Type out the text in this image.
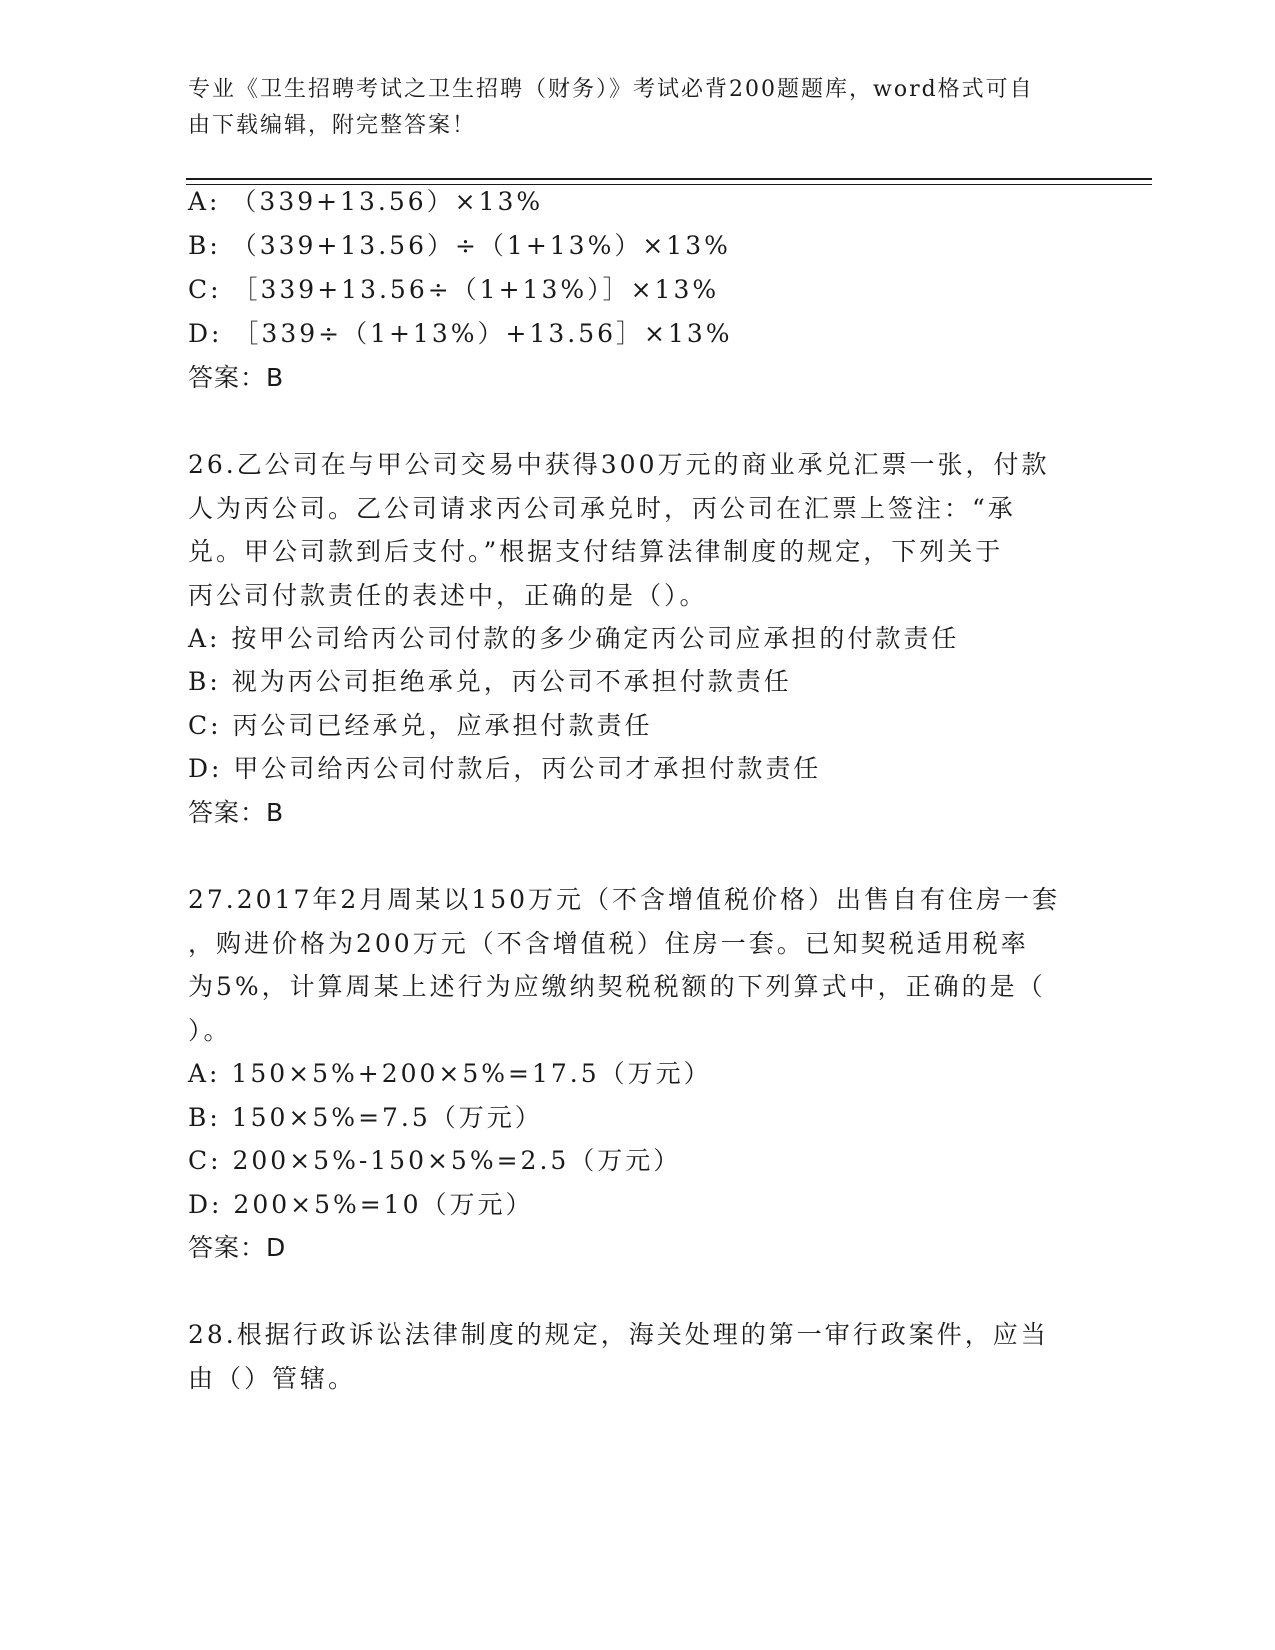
专业《卫生招聘考试之卫生招聘（财务）》考试必背200题题库，word格式可自
由下载编辑，附完整答案！
A: （339+13.56）×13%
B: （339+13.56）÷（1+13%）×13%
C: ［339+13.56÷（1+13%）］×13%
D: ［339÷（1+13%）+13.56］×13%
答案：B
26.乙公司在与甲公司交易中获得300万元的商业承兑汇票一张，付款
人为丙公司。乙公司请求丙公司承兑时，丙公司在汇票上签注：“承
兑。甲公司款到后支付。”根据支付结算法律制度的规定，下列关于
丙公司付款责任的表述中，正确的是（）。
A: 按甲公司给丙公司付款的多少确定丙公司应承担的付款责任
B: 视为丙公司拒绝承兑，丙公司不承担付款责任
C: 丙公司已经承兑，应承担付款责任
D: 甲公司给丙公司付款后，丙公司才承担付款责任
答案：B
27.2017年2月周某以150万元（不含增值税价格）出售自有住房一套
，购进价格为200万元（不含增值税）住房一套。已知契税适用税率
为5%，计算周某上述行为应缴纳契税税额的下列算式中，正确的是（
）。
A: 150×5%+200×5%=17.5（万元）
B: 150×5%=7.5（万元）
C: 200×5%-150×5%=2.5（万元）
D: 200×5%=10（万元）
答案：D
28.根据行政诉讼法律制度的规定，海关处理的第一审行政案件，应当
由（）管辖。
